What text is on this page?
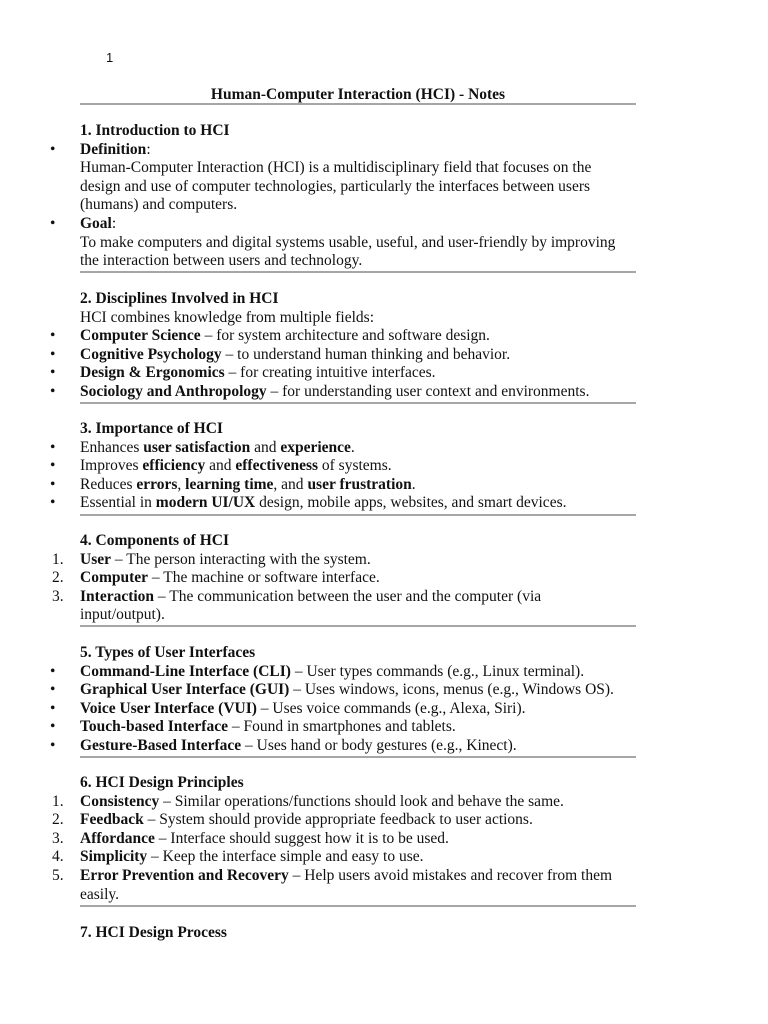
1
Human-Computer Interaction (HCI) - Notes
1. Introduction to HCI
•	Definition:
Human-Computer Interaction (HCI) is a multidisciplinary field that focuses on the
design and use of computer technologies, particularly the interfaces between users
(humans) and computers.
•	Goal:
To make computers and digital systems usable, useful, and user-friendly by improving
the interaction between users and technology.
2. Disciplines Involved in HCI
HCI combines knowledge from multiple fields:
•	Computer Science – for system architecture and software design.
•	Cognitive Psychology – to understand human thinking and behavior.
•	Design & Ergonomics – for creating intuitive interfaces.
•	Sociology and Anthropology – for understanding user context and environments.
3. Importance of HCI
•	Enhances user satisfaction and experience.
•	Improves efficiency and effectiveness of systems.
•	Reduces errors, learning time, and user frustration.
•	Essential in modern UI/UX design, mobile apps, websites, and smart devices.
4. Components of HCI
1.	User – The person interacting with the system.
2.	Computer – The machine or software interface.
3.	Interaction – The communication between the user and the computer (via
input/output).
5. Types of User Interfaces
•	Command-Line Interface (CLI) – User types commands (e.g., Linux terminal).
•	Graphical User Interface (GUI) – Uses windows, icons, menus (e.g., Windows OS).
•	Voice User Interface (VUI) – Uses voice commands (e.g., Alexa, Siri).
•	Touch-based Interface – Found in smartphones and tablets.
•	Gesture-Based Interface – Uses hand or body gestures (e.g., Kinect).
6. HCI Design Principles
1.	Consistency – Similar operations/functions should look and behave the same.
2.	Feedback – System should provide appropriate feedback to user actions.
3.	Affordance – Interface should suggest how it is to be used.
4.	Simplicity – Keep the interface simple and easy to use.
5.	Error Prevention and Recovery – Help users avoid mistakes and recover from them
easily.
7. HCI Design Process
